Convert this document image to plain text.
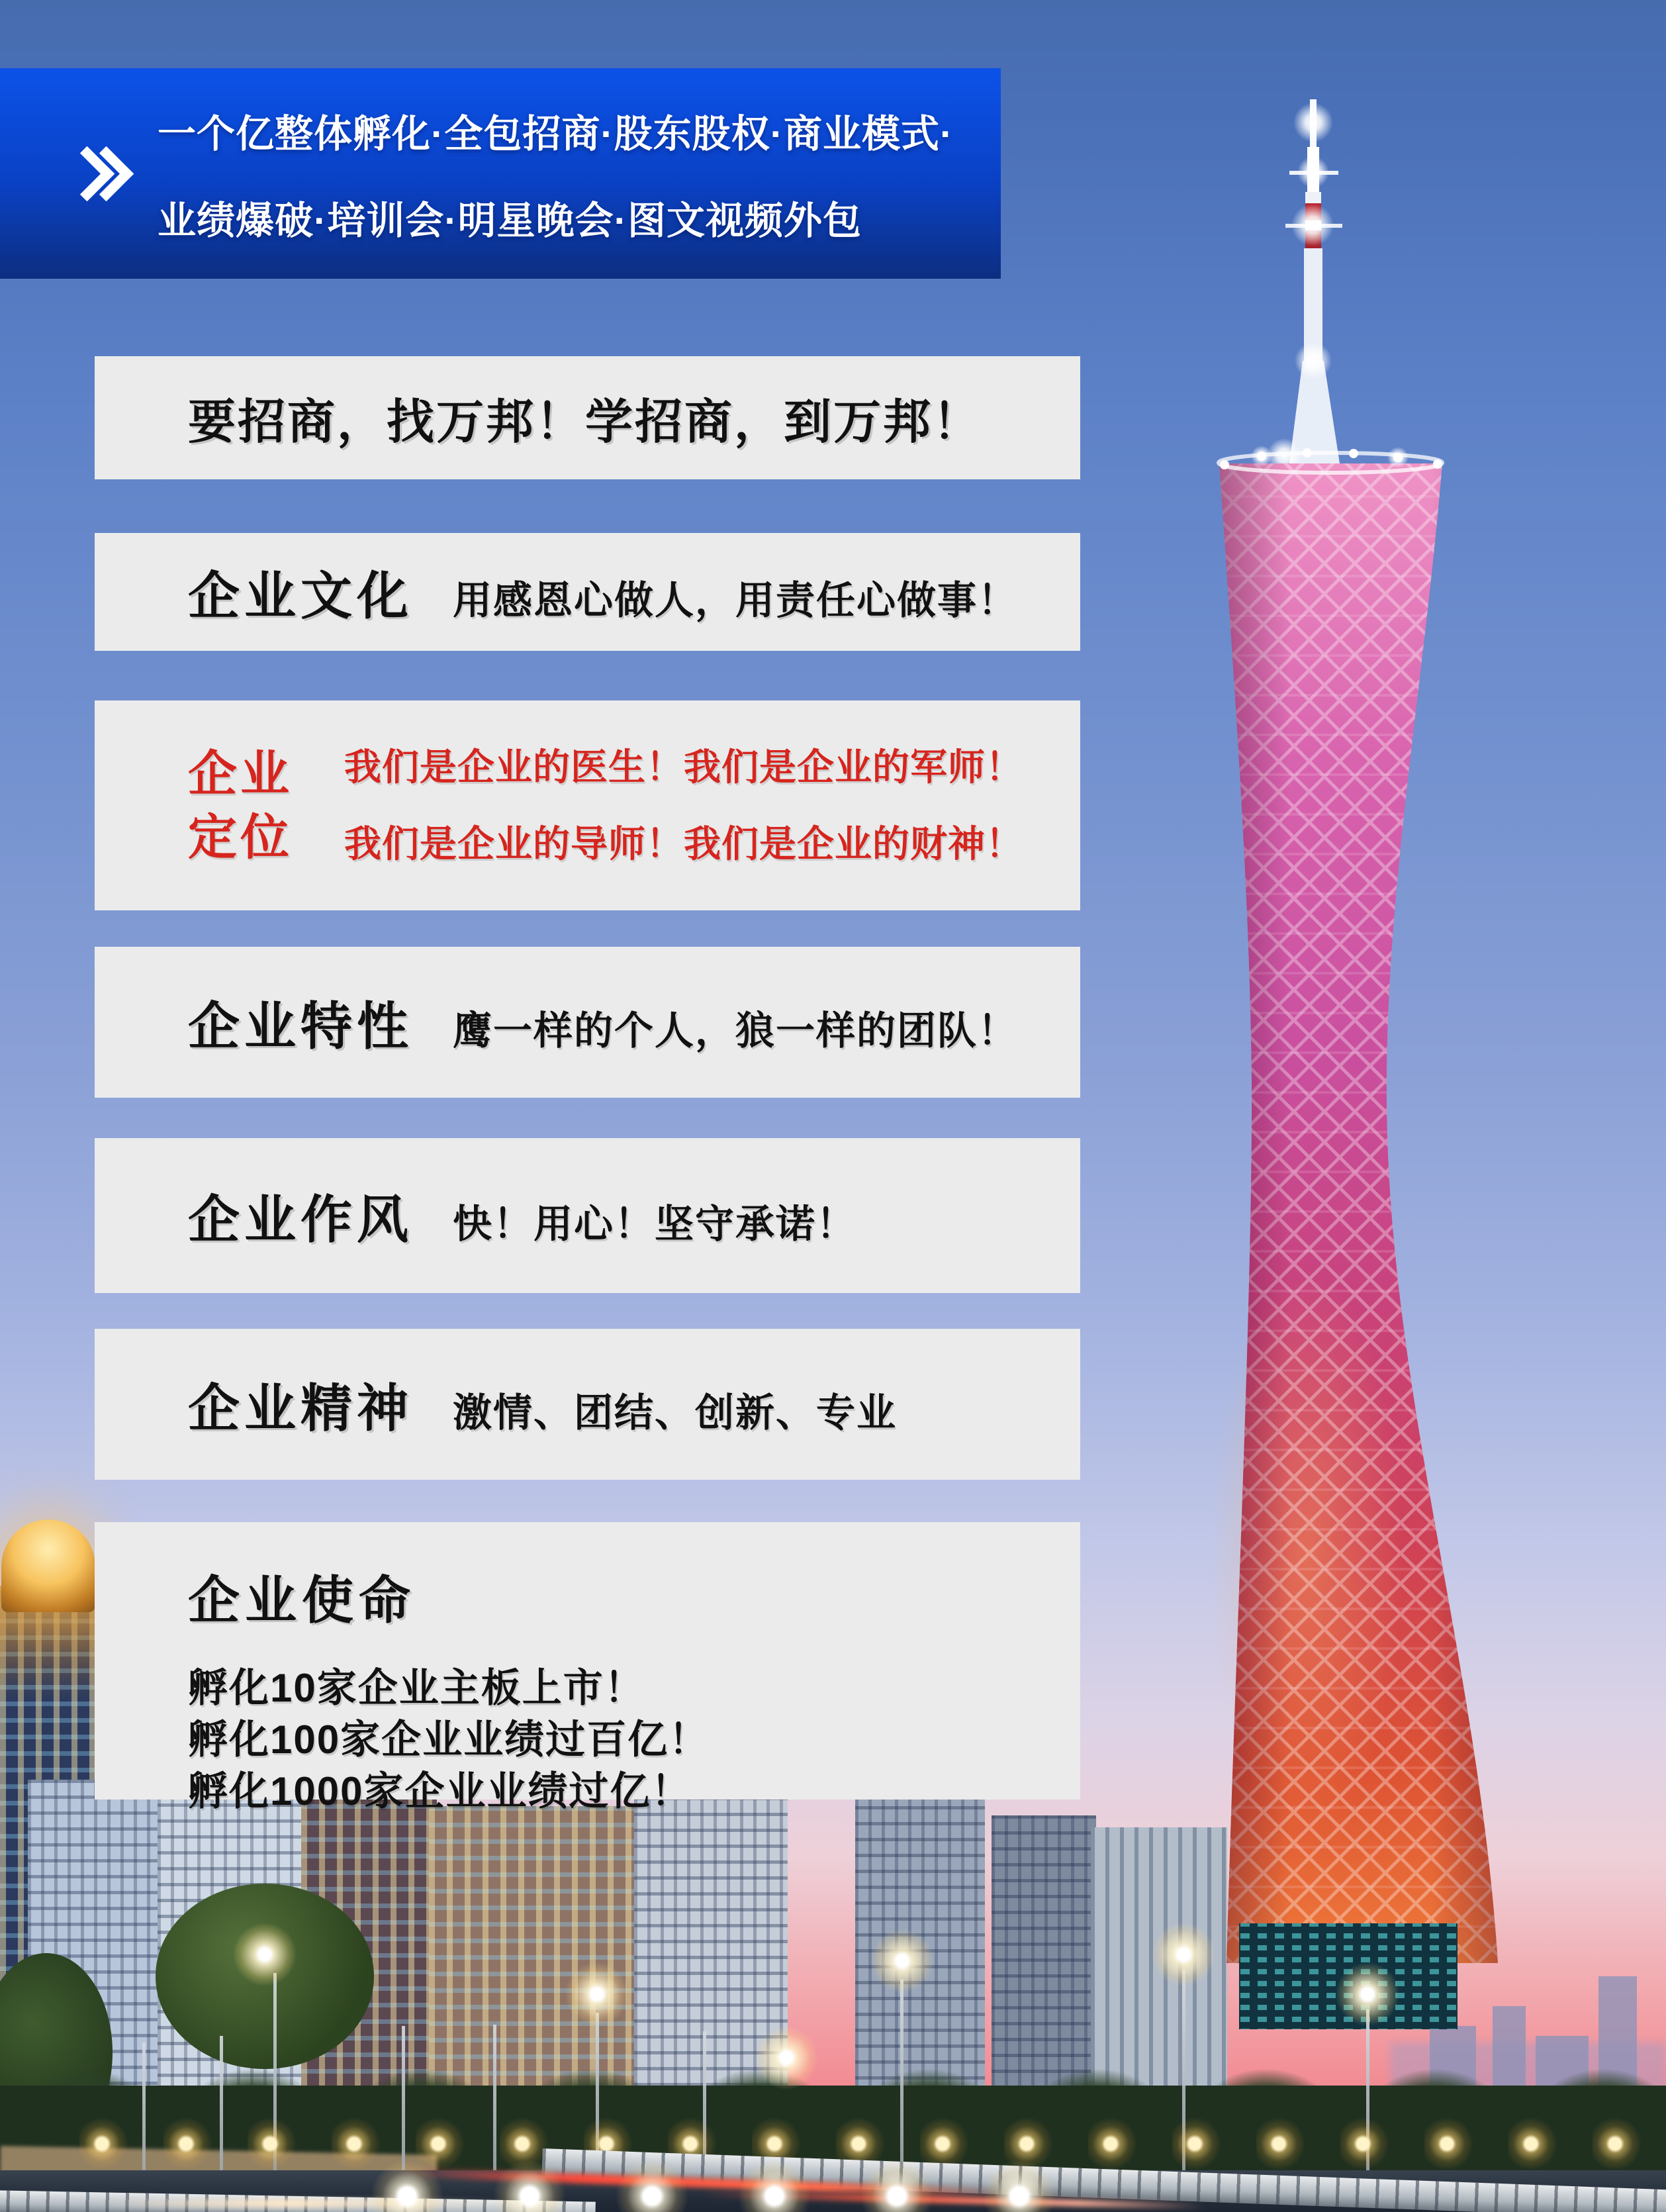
一个亿整体孵化·全包招商·股东股权·商业模式·
业绩爆破·培训会·明星晚会·图文视频外包
要招商，找万邦！学招商，到万邦！
企业文化 用感恩心做人，用责任心做事！
企业
定位
我们是企业的医生！我们是企业的军师！
我们是企业的导师！我们是企业的财神！
企业特性 鹰一样的个人，狼一样的团队！
企业作风 快！用心！坚守承诺！
企业精神 激情、团结、创新、专业
企业使命
孵化10家企业主板上市！
孵化100家企业业绩过百亿！
孵化1000家企业业绩过亿！
